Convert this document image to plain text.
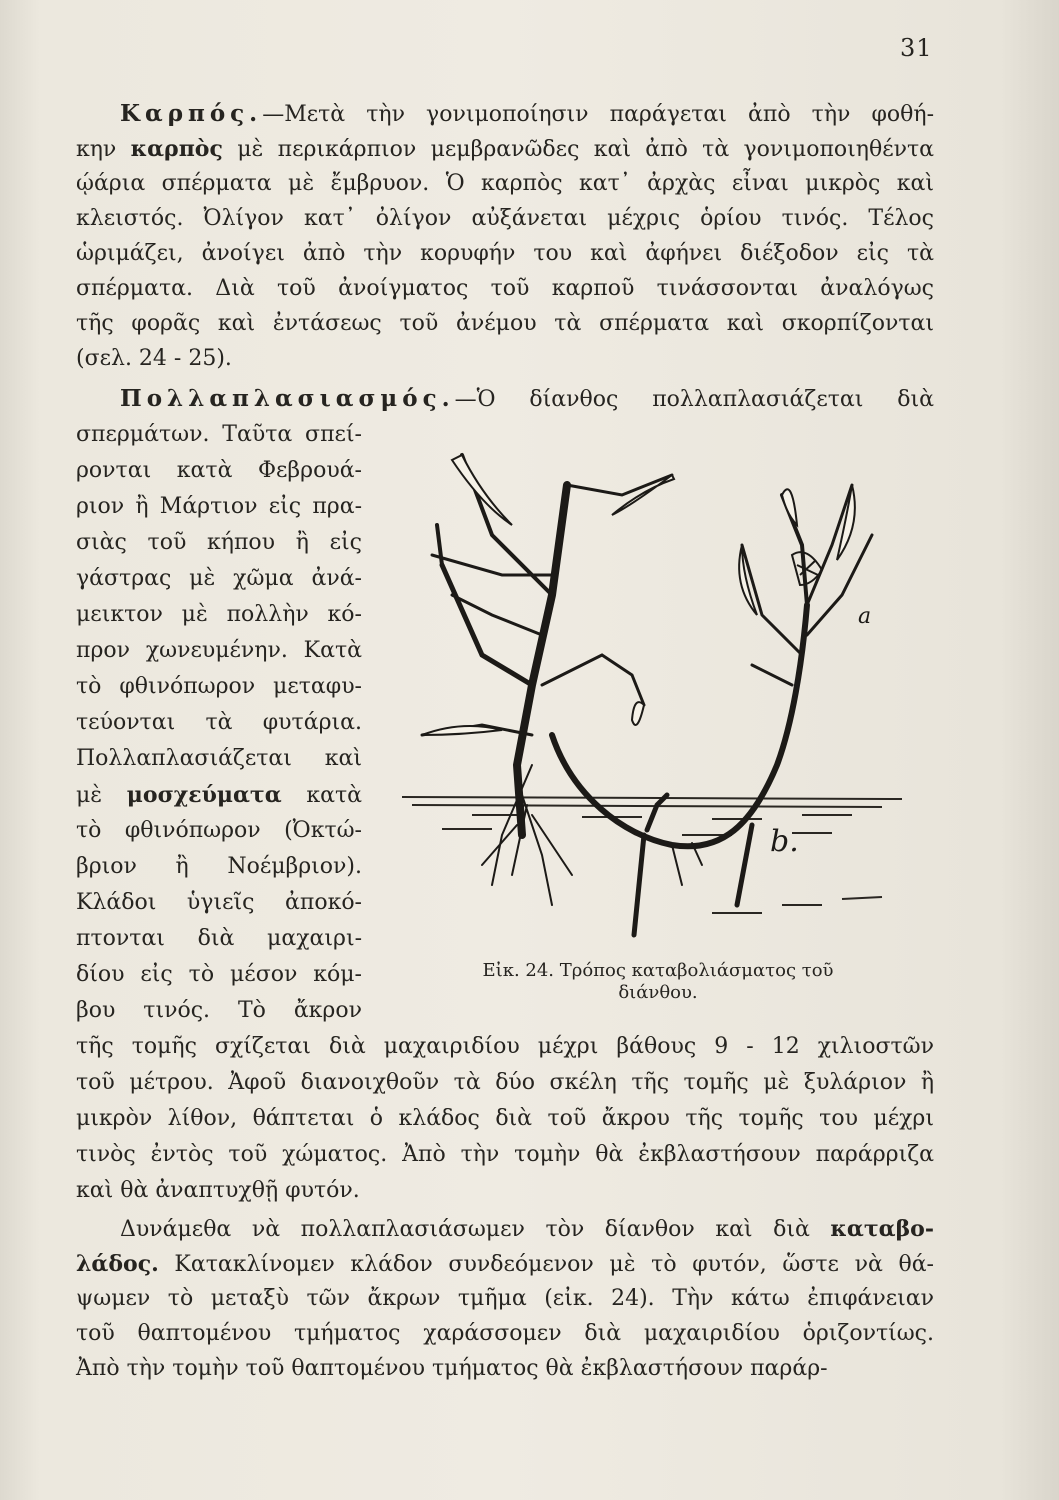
31
Καρπός.—Μετὰ τὴν γονιμοποίησιν παράγεται ἀπὸ τὴν φοθή-
κην καρπὸς μὲ περικάρπιον μεμβρανῶδες καὶ ἀπὸ τὰ γονιμοποιηθέντα
ῴάρια σπέρματα μὲ ἔμβρυον. Ὁ καρπὸς κατ᾽ ἀρχὰς εἶναι μικρὸς καὶ
κλειστός. Ὀλίγον κατ᾽ ὀλίγον αὐξάνεται μέχρις ὁρίου τινός. Τέλος
ὡριμάζει, ἀνοίγει ἀπὸ τὴν κορυφήν του καὶ ἀφήνει διέξοδον εἰς τὰ
σπέρματα. Διὰ τοῦ ἀνοίγματος τοῦ καρποῦ τινάσσονται ἀναλόγως
τῆς φορᾶς καὶ ἐντάσεως τοῦ ἀνέμου τὰ σπέρματα καὶ σκορπίζονται
(σελ. 24 - 25).
Πολλαπλασιασμός.—Ὁ δίανθος πολλαπλασιάζεται διὰ
σπερμάτων. Ταῦτα σπεί-
ρονται κατὰ Φεβρουά-
ριον ἢ Μάρτιον εἰς πρα-
σιὰς τοῦ κήπου ἢ εἰς
γάστρας μὲ χῶμα ἀνά-
μεικτον μὲ πολλὴν κό-
προν χωνευμένην. Κατὰ
τὸ φθινόπωρον μεταφυ-
τεύονται τὰ φυτάρια.
Πολλαπλασιάζεται καὶ
μὲ μοσχεύματα κατὰ
τὸ φθινόπωρον (Ὀκτώ-
βριον ἢ Νοέμβριον).
Κλάδοι ὑγιεῖς ἀποκό-
πτονται διὰ μαχαιρι-
δίου εἰς τὸ μέσον κόμ-
βου τινός. Τὸ ἄκρον
τῆς τομῆς σχίζεται διὰ μαχαιριδίου μέχρι βάθους 9 - 12 χιλιοστῶν
τοῦ μέτρου. Ἀφοῦ διανοιχθοῦν τὰ δύο σκέλη τῆς τομῆς μὲ ξυλάριον ἢ
μικρὸν λίθον, θάπτεται ὁ κλάδος διὰ τοῦ ἄκρου τῆς τομῆς του μέχρι
τινὸς ἐντὸς τοῦ χώματος. Ἀπὸ τὴν τομὴν θὰ ἐκβλαστήσουν παράρριζα
καὶ θὰ ἀναπτυχθῇ φυτόν.
Δυνάμεθα νὰ πολλαπλασιάσωμεν τὸν δίανθον καὶ διὰ καταβο-
λάδος. Κατακλίνομεν κλάδον συνδεόμενον μὲ τὸ φυτόν, ὥστε νὰ θά-
ψωμεν τὸ μεταξὺ τῶν ἄκρων τμῆμα (εἰκ. 24). Τὴν κάτω ἐπιφάνειαν
τοῦ θαπτομένου τμήματος χαράσσομεν διὰ μαχαιριδίου ὁριζοντίως.
Ἀπὸ τὴν τομὴν τοῦ θαπτομένου τμήματος θὰ ἐκβλαστήσουν παράρ-
a
b.
Εἰκ. 24. Τρόπος καταβολιάσματος τοῦ
διάνθου.
